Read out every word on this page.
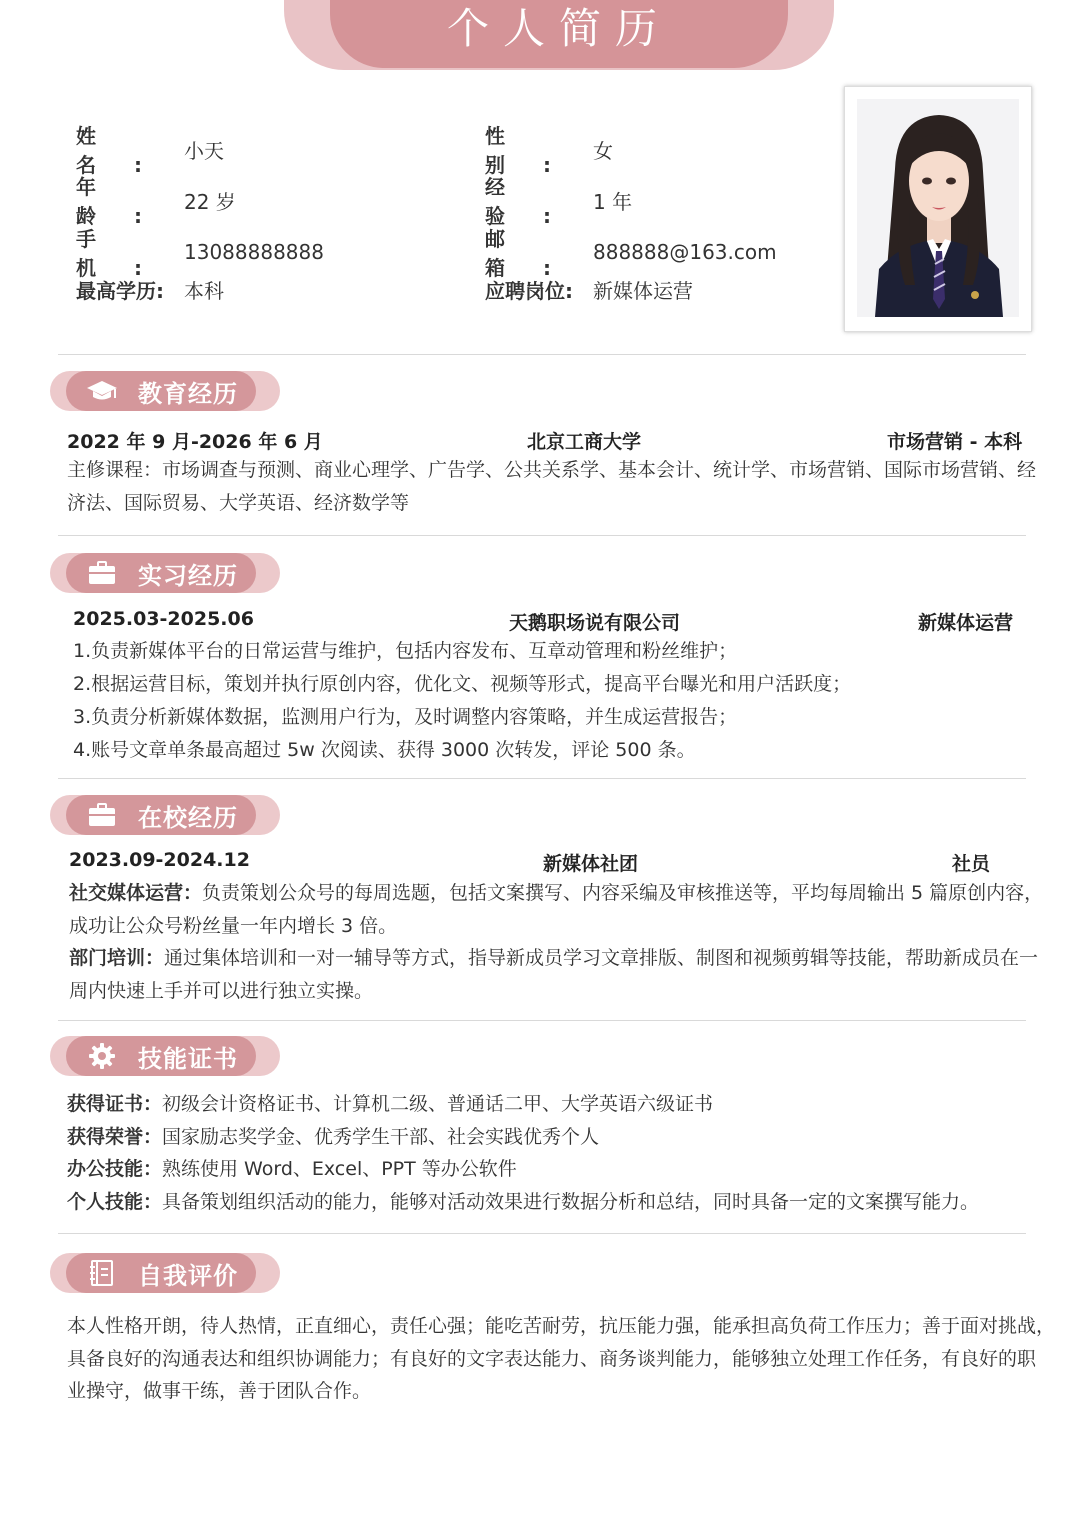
个人简历
姓名:
小天
性别:
女
年龄:
22 岁
经验:
1 年
手机:
13088888888
邮箱:
888888@163.com
最高学历:	本科	应聘岗位:	新媒体运营
教育经历
2022 年 9 月-2026 年 6 月	北京工商大学	市场营销 - 本科
主修课程：市场调查与预测、商业心理学、广告学、公共关系学、基本会计、统计学、市场营销、国际市场营销、经
济法、国际贸易、大学英语、经济数学等
实习经历
2025.03-2025.06	天鹅职场说有限公司	新媒体运营
1.负责新媒体平台的日常运营与维护，包括内容发布、互章动管理和粉丝维护；
2.根据运营目标，策划并执行原创内容，优化文、视频等形式，提高平台曝光和用户活跃度；
3.负责分析新媒体数据，监测用户行为，及时调整内容策略，并生成运营报告；
4.账号文章单条最高超过 5w 次阅读、获得 3000 次转发，评论 500 条。
在校经历
2023.09-2024.12	新媒体社团	社员
社交媒体运营：负责策划公众号的每周选题，包括文案撰写、内容采编及审核推送等，平均每周输出 5 篇原创内容，
成功让公众号粉丝量一年内增长 3 倍。
部门培训：通过集体培训和一对一辅导等方式，指导新成员学习文章排版、制图和视频剪辑等技能，帮助新成员在一
周内快速上手并可以进行独立实操。
技能证书
获得证书：初级会计资格证书、计算机二级、普通话二甲、大学英语六级证书
获得荣誉：国家励志奖学金、优秀学生干部、社会实践优秀个人
办公技能：熟练使用 Word、Excel、PPT 等办公软件
个人技能：具备策划组织活动的能力，能够对活动效果进行数据分析和总结，同时具备一定的文案撰写能力。
自我评价
本人性格开朗，待人热情，正直细心，责任心强；能吃苦耐劳，抗压能力强，能承担高负荷工作压力；善于面对挑战，
具备良好的沟通表达和组织协调能力；有良好的文字表达能力、商务谈判能力，能够独立处理工作任务，有良好的职
业操守，做事干练，善于团队合作。
